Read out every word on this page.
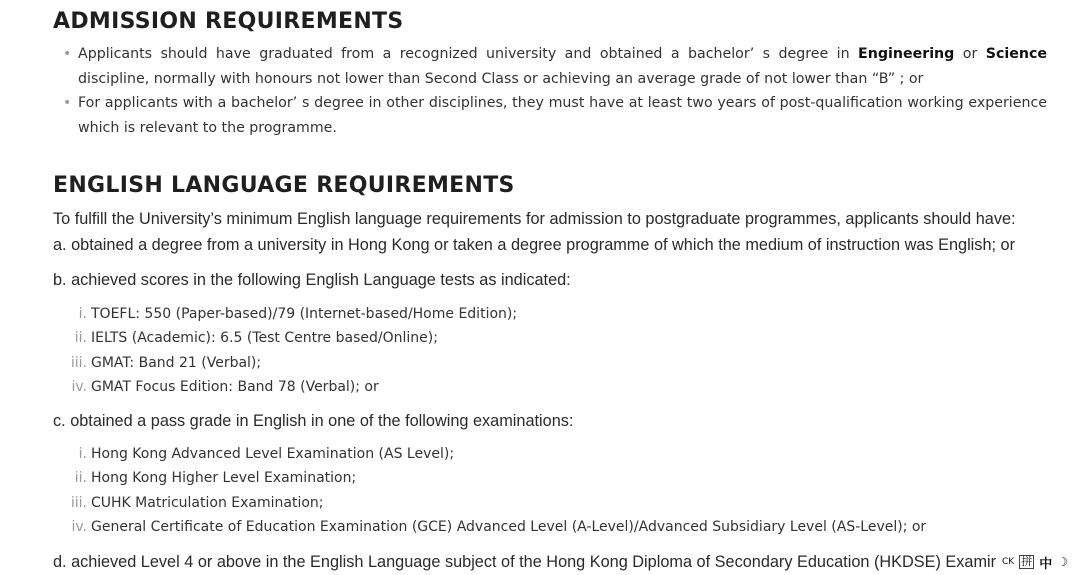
ADMISSION REQUIREMENTS
• Applicants should have graduated from a recognized university and obtained a bachelor’ s degree in Engineering or Science discipline, normally with honours not lower than Second Class or achieving an average grade of not lower than “B” ; or
• For applicants with a bachelor’ s degree in other disciplines, they must have at least two years of post-qualification working experience which is relevant to the programme.
ENGLISH LANGUAGE REQUIREMENTS
To fulfill the University’s minimum English language requirements for admission to postgraduate programmes, applicants should have:
a. obtained a degree from a university in Hong Kong or taken a degree programme of which the medium of instruction was English; or
b. achieved scores in the following English Language tests as indicated:
i. TOEFL: 550 (Paper-based)/79 (Internet-based/Home Edition);
ii. IELTS (Academic): 6.5 (Test Centre based/Online);
iii. GMAT: Band 21 (Verbal);
iv. GMAT Focus Edition: Band 78 (Verbal); or
c. obtained a pass grade in English in one of the following examinations:
i. Hong Kong Advanced Level Examination (AS Level);
ii. Hong Kong Higher Level Examination;
iii. CUHK Matriculation Examination;
iv. General Certificate of Education Examination (GCE) Advanced Level (A-Level)/Advanced Subsidiary Level (AS-Level); or
d. achieved Level 4 or above in the English Language subject of the Hong Kong Diploma of Secondary Education (HKDSE) Examir CK 拼 中 ☽
